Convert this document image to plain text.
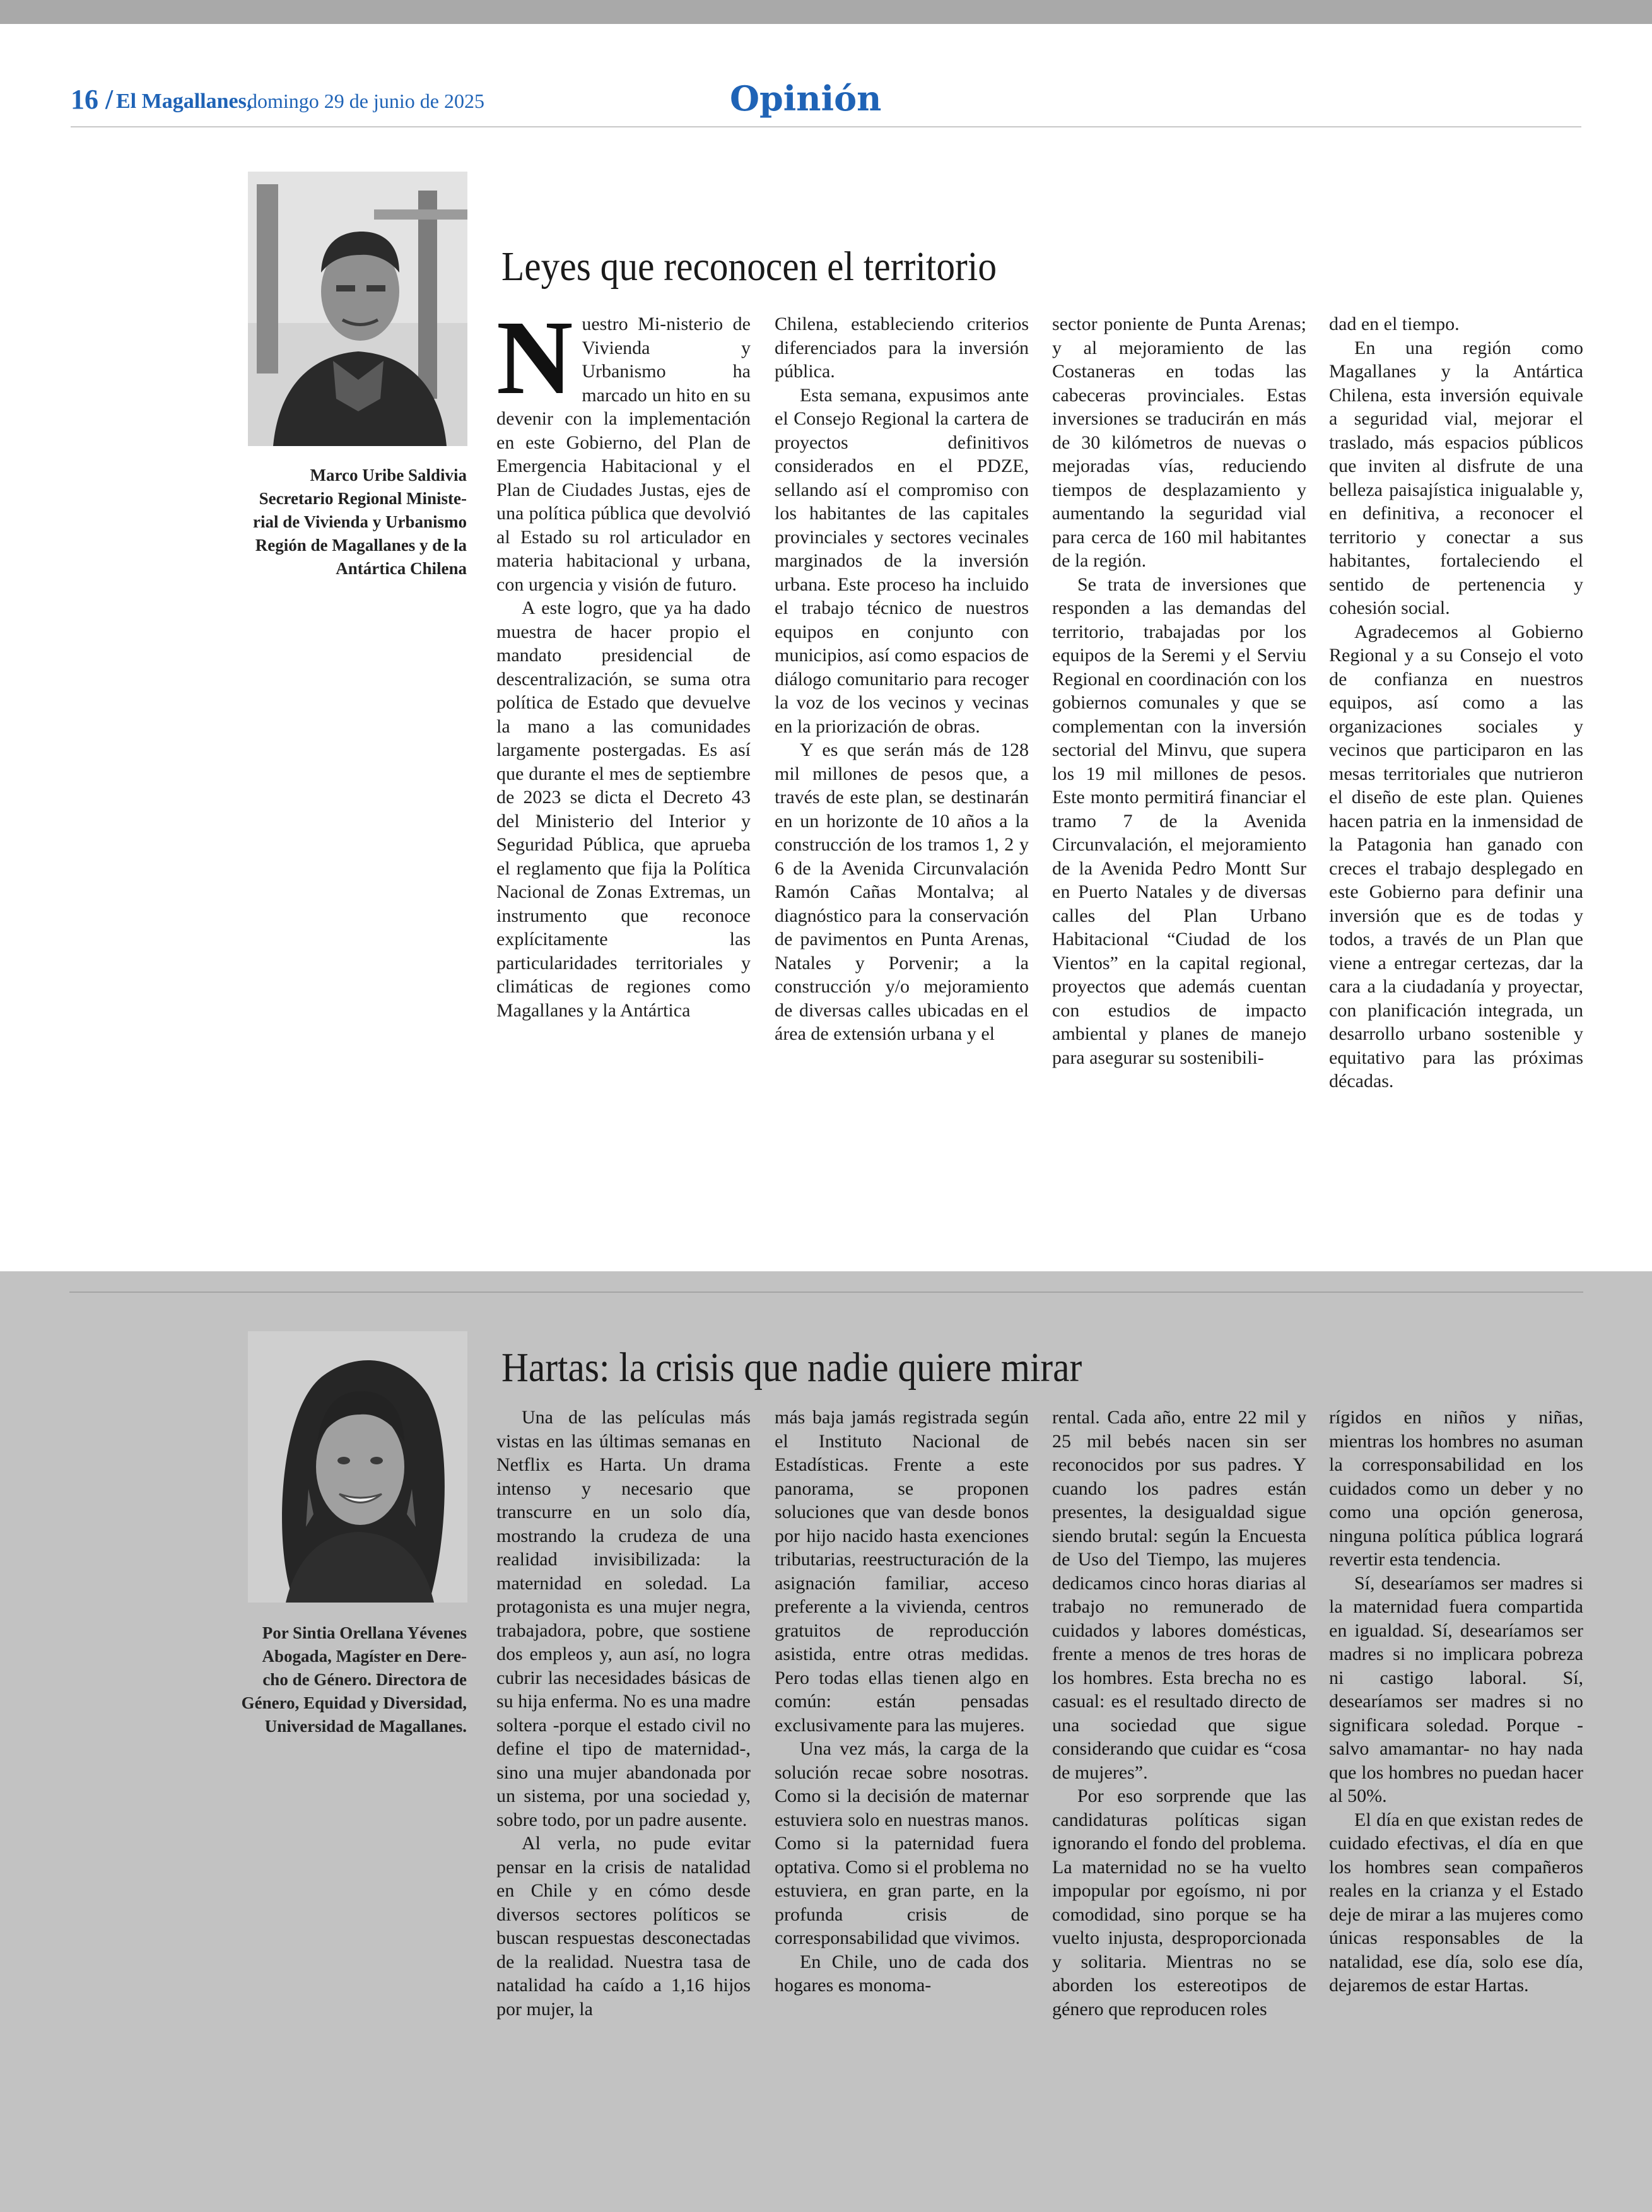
16 / El Magallanes,
domingo 29 de junio de 2025	Opinión
Marco Uribe Saldivia
Secretario Regional Ministe-
rial de Vivienda y Urbanismo
Región de Magallanes y de la
Antártica Chilena
Leyes que reconocen el territorio
N uestro Mi-nisterio de Vivienda y Urbanismo ha marcado un hito en su devenir con la implementación en este Gobierno, del Plan de Emergencia Habitacional y el Plan de Ciudades Justas, ejes de una política pública que devolvió al Estado su rol articulador en materia habitacional y urbana, con urgencia y visión de futuro.

A este logro, que ya ha dado muestra de hacer propio el mandato presidencial de descentralización, se suma otra política de Estado que devuelve la mano a las comunidades largamente postergadas. Es así que durante el mes de septiembre de 2023 se dicta el Decreto 43 del Ministerio del Interior y Seguridad Pública, que aprueba el reglamento que fija la Política Nacional de Zonas Extremas, un instrumento que reconoce explícitamente las particularidades territoriales y climáticas de regiones como Magallanes y la Antártica

Chilena, estableciendo criterios diferenciados para la inversión pública.

Esta semana, expusimos ante el Consejo Regional la cartera de proyectos definitivos considerados en el PDZE, sellando así el compromiso con los habitantes de las capitales provinciales y sectores vecinales marginados de la inversión urbana. Este proceso ha incluido el trabajo técnico de nuestros equipos en conjunto con municipios, así como espacios de diálogo comunitario para recoger la voz de los vecinos y vecinas en la priorización de obras.

Y es que serán más de 128 mil millones de pesos que, a través de este plan, se destinarán en un horizonte de 10 años a la construcción de los tramos 1, 2 y 6 de la Avenida Circunvalación Ramón Cañas Montalva; al diagnóstico para la conservación de pavimentos en Punta Arenas, Natales y Porvenir; a la construcción y/o mejoramiento de diversas calles ubicadas en el área de extensión urbana y el

sector poniente de Punta Arenas; y al mejoramiento de las Costaneras en todas las cabeceras provinciales. Estas inversiones se traducirán en más de 30 kilómetros de nuevas o mejoradas vías, reduciendo tiempos de desplazamiento y aumentando la seguridad vial para cerca de 160 mil habitantes de la región.

Se trata de inversiones que responden a las demandas del territorio, trabajadas por los equipos de la Seremi y el Serviu Regional en coordinación con los gobiernos comunales y que se complementan con la inversión sectorial del Minvu, que supera los 19 mil millones de pesos. Este monto permitirá financiar el tramo 7 de la Avenida Circunvalación, el mejoramiento de la Avenida Pedro Montt Sur en Puerto Natales y de diversas calles del Plan Urbano Habitacional “Ciudad de los Vientos” en la capital regional, proyectos que además cuentan con estudios de impacto ambiental y planes de manejo para asegurar su sostenibili-

dad en el tiempo.

En una región como Magallanes y la Antártica Chilena, esta inversión equivale a seguridad vial, mejorar el traslado, más espacios públicos que inviten al disfrute de una belleza paisajística inigualable y, en definitiva, a reconocer el territorio y conectar a sus habitantes, fortaleciendo el sentido de pertenencia y cohesión social.

Agradecemos al Gobierno Regional y a su Consejo el voto de confianza en nuestros equipos, así como a las organizaciones sociales y vecinos que participaron en las mesas territoriales que nutrieron el diseño de este plan. Quienes hacen patria en la inmensidad de la Patagonia han ganado con creces el trabajo desplegado en este Gobierno para definir una inversión que es de todas y todos, a través de un Plan que viene a entregar certezas, dar la cara a la ciudadanía y proyectar, con planificación integrada, un desarrollo urbano sostenible y equitativo para las próximas décadas.

Por Sintia Orellana Yévenes
Abogada, Magíster en Dere-
cho de Género. Directora de
Género, Equidad y Diversidad,
Universidad de Magallanes.
Hartas: la crisis que nadie quiere mirar

Una de las películas más vistas en las últimas semanas en Netflix es Harta. Un drama intenso y necesario que transcurre en un solo día, mostrando la crudeza de una realidad invisibilizada: la maternidad en soledad. La protagonista es una mujer negra, trabajadora, pobre, que sostiene dos empleos y, aun así, no logra cubrir las necesidades básicas de su hija enferma. No es una madre soltera -porque el estado civil no define el tipo de maternidad-, sino una mujer abandonada por un sistema, por una sociedad y, sobre todo, por un padre ausente.

Al verla, no pude evitar pensar en la crisis de natalidad en Chile y en cómo desde diversos sectores políticos se buscan respuestas desconectadas de la realidad. Nuestra tasa de natalidad ha caído a 1,16 hijos por mujer, la

más baja jamás registrada según el Instituto Nacional de Estadísticas. Frente a este panorama, se proponen soluciones que van desde bonos por hijo nacido hasta exenciones tributarias, reestructuración de la asignación familiar, acceso preferente a la vivienda, centros gratuitos de reproducción asistida, entre otras medidas. Pero todas ellas tienen algo en común: están pensadas exclusivamente para las mujeres.

Una vez más, la carga de la solución recae sobre nosotras. Como si la decisión de maternar estuviera solo en nuestras manos. Como si la paternidad fuera optativa. Como si el problema no estuviera, en gran parte, en la profunda crisis de corresponsabilidad que vivimos.

En Chile, uno de cada dos hogares es monoma-

rental. Cada año, entre 22 mil y 25 mil bebés nacen sin ser reconocidos por sus padres. Y cuando los padres están presentes, la desigualdad sigue siendo brutal: según la Encuesta de Uso del Tiempo, las mujeres dedicamos cinco horas diarias al trabajo no remunerado de cuidados y labores domésticas, frente a menos de tres horas de los hombres. Esta brecha no es casual: es el resultado directo de una sociedad que sigue considerando que cuidar es “cosa de mujeres”.

Por eso sorprende que las candidaturas políticas sigan ignorando el fondo del problema. La maternidad no se ha vuelto impopular por egoísmo, ni por comodidad, sino porque se ha vuelto injusta, desproporcionada y solitaria. Mientras no se aborden los estereotipos de género que reproducen roles

rígidos en niños y niñas, mientras los hombres no asuman la corresponsabilidad en los cuidados como un deber y no como una opción generosa, ninguna política pública logrará revertir esta tendencia.

Sí, desearíamos ser madres si la maternidad fuera compartida en igualdad. Sí, desearíamos ser madres si no implicara pobreza ni castigo laboral. Sí, desearíamos ser madres si no significara soledad. Porque -salvo amamantar- no hay nada que los hombres no puedan hacer al 50%.

El día en que existan redes de cuidado efectivas, el día en que los hombres sean compañeros reales en la crianza y el Estado deje de mirar a las mujeres como únicas responsables de la natalidad, ese día, solo ese día, dejaremos de estar Hartas.
